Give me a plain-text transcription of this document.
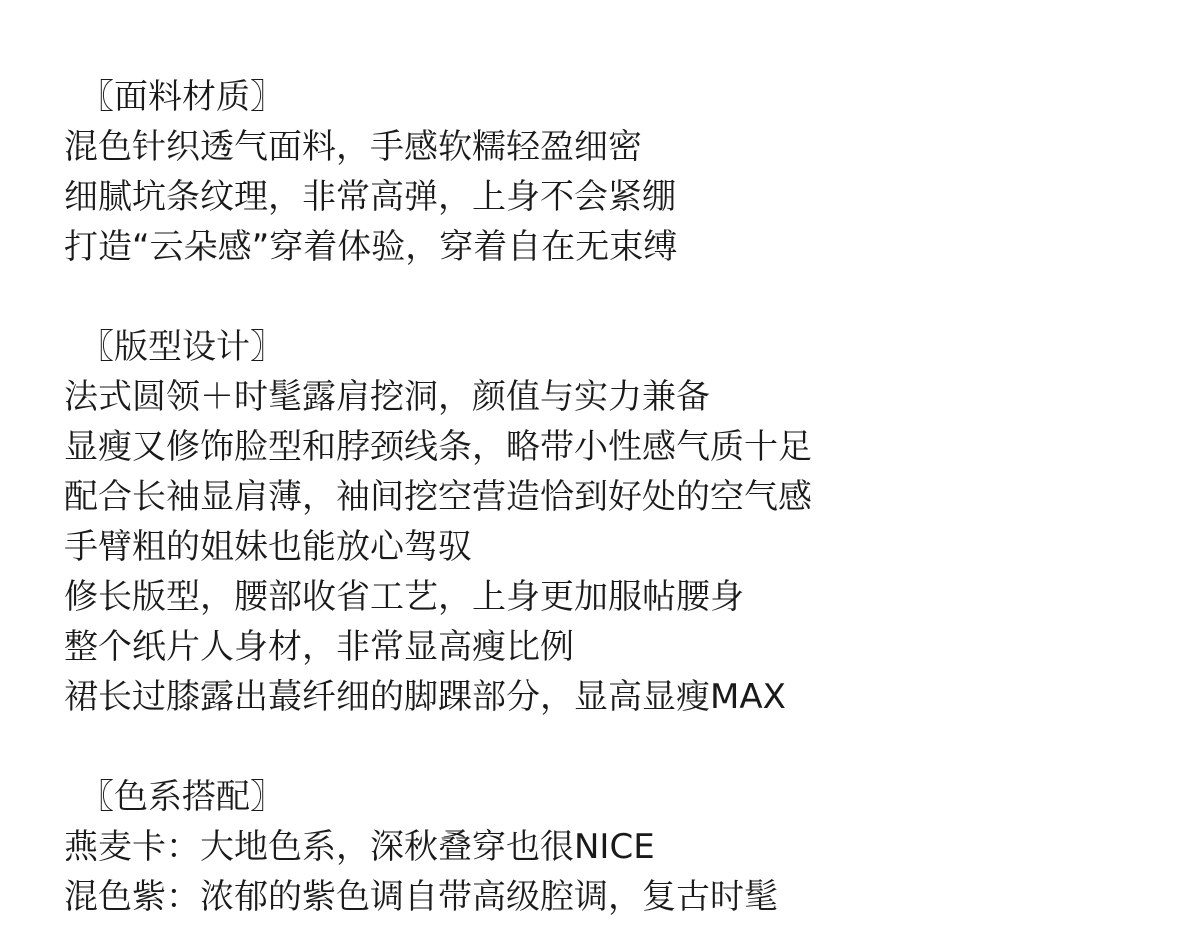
〖面料材质〗
混色针织透气面料，手感软糯轻盈细密
细腻坑条纹理，非常高弹，上身不会紧绷
打造“云朵感”穿着体验，穿着自在无束缚
〖版型设计〗
法式圆领＋时髦露肩挖洞，颜值与实力兼备
显瘦又修饰脸型和脖颈线条，略带小性感气质十足
配合长袖显肩薄，袖间挖空营造恰到好处的空气感
手臂粗的姐妹也能放心驾驭
修长版型，腰部收省工艺，上身更加服帖腰身
整个纸片人身材，非常显高瘦比例
裙长过膝露出蕞纤细的脚踝部分，显高显瘦MAX
〖色系搭配〗
燕麦卡：大地色系，深秋叠穿也很NICE
混色紫：浓郁的紫色调自带高级腔调，复古时髦
